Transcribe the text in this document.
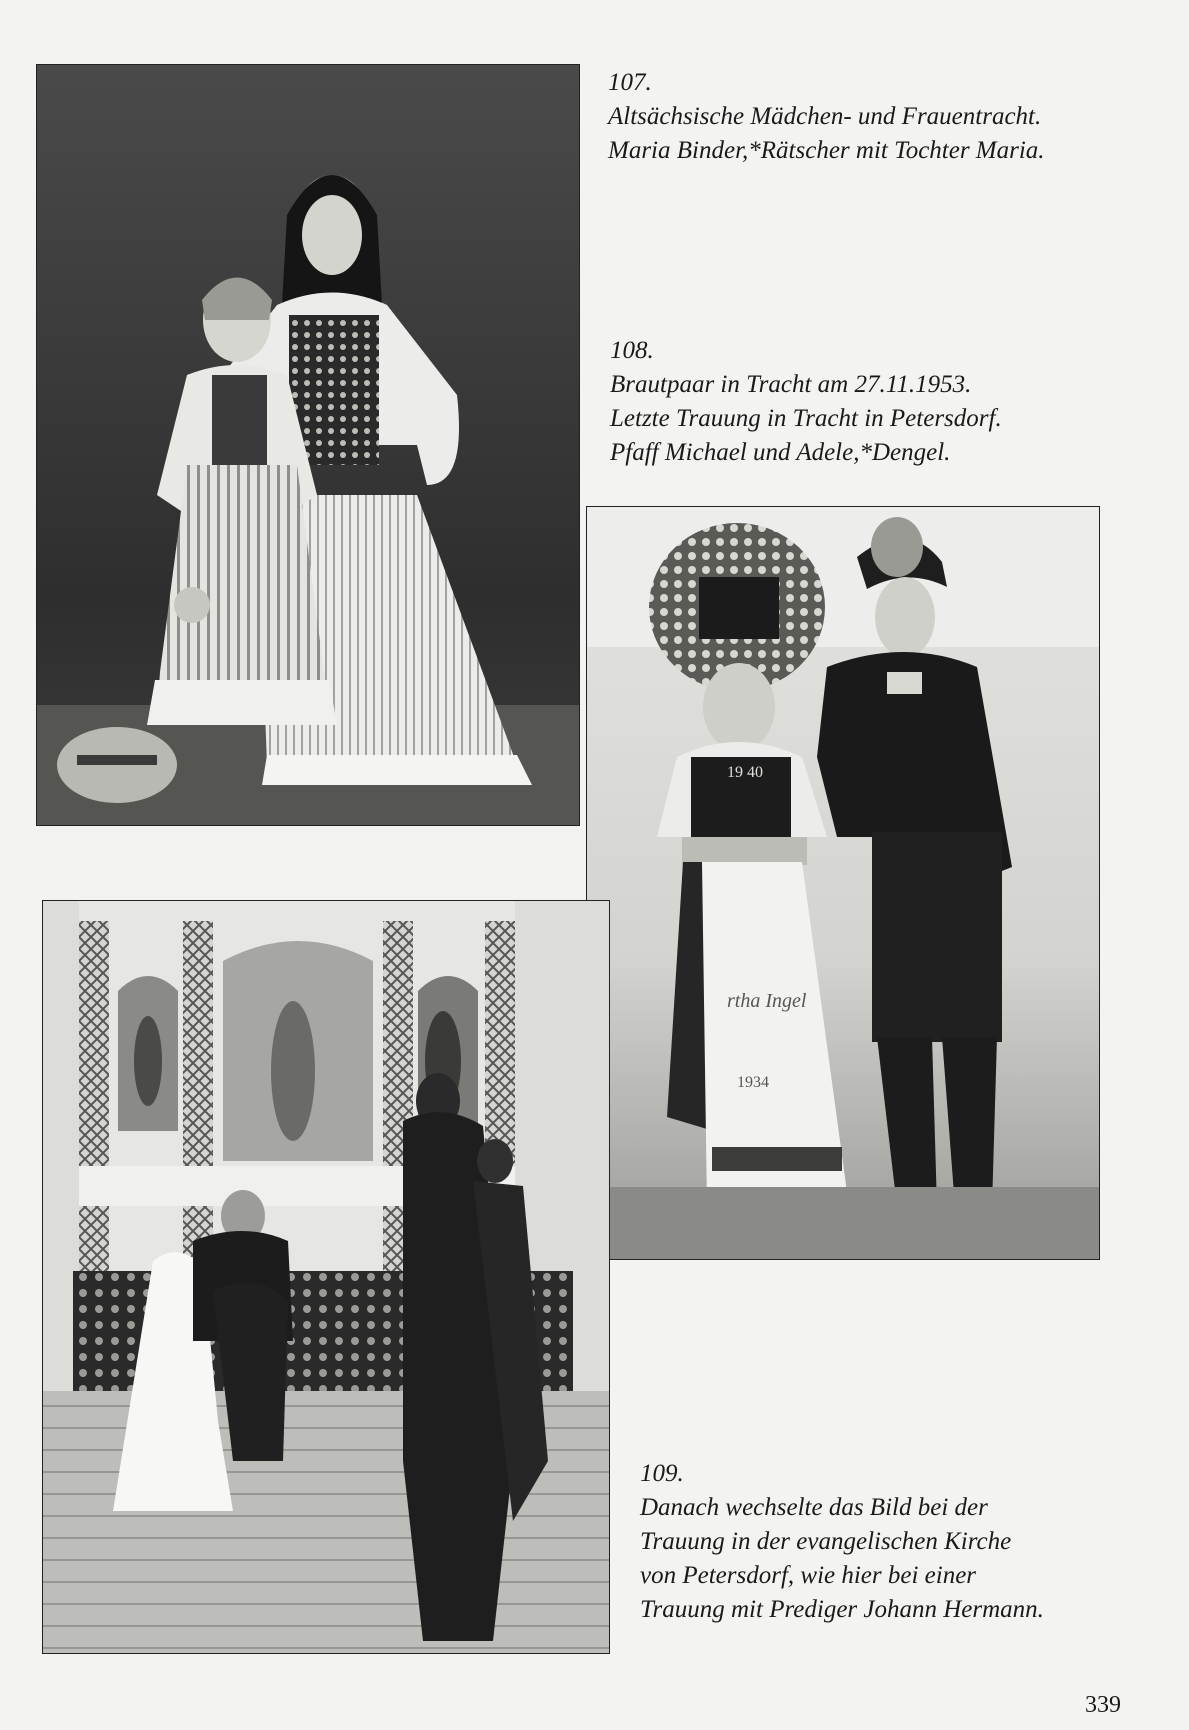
107.

Altsächsische Mädchen- und Frauentracht.

Maria Binder,*Rätscher mit Tochter Maria.

108.

Brautpaar in Tracht am 27.11.1953.

Letzte Trauung in Tracht in Petersdorf.

Pfaff Michael und Adele,*Dengel.

19 40
rtha Ingel
1934

109.

Danach wechselte das Bild bei der

Trauung in der evangelischen Kirche

von Petersdorf, wie hier bei einer

Trauung mit Prediger Johann Hermann.

339
